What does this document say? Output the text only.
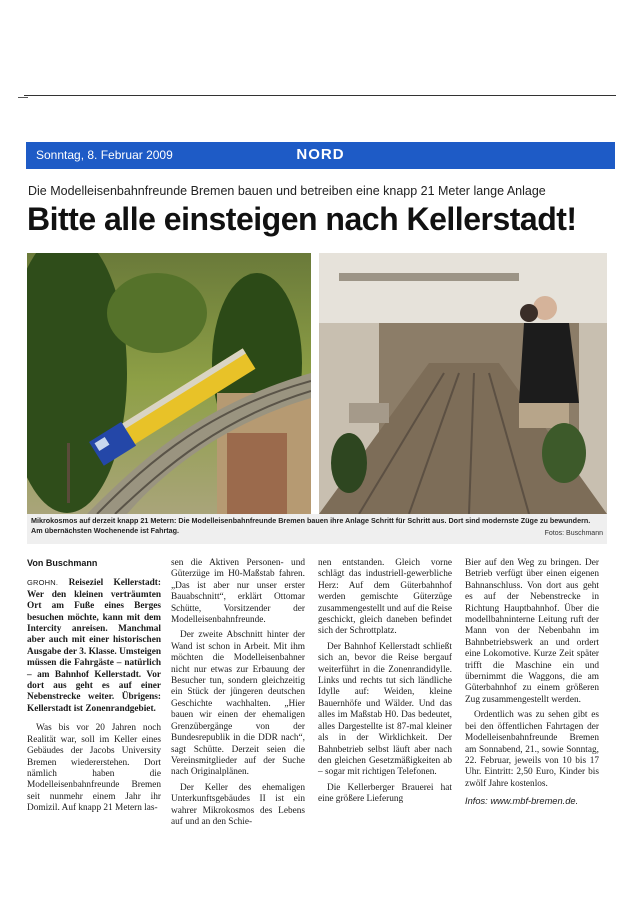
Sonntag, 8. Februar 2009	NORD
Die Modelleisenbahnfreunde Bremen bauen und betreiben eine knapp 21 Meter lange Anlage
Bitte alle einsteigen nach Kellerstadt!
Mikrokosmos auf derzeit knapp 21 Metern: Die Modelleisenbahnfreunde Bremen bauen ihre Anlage Schritt für Schritt aus. Dort sind modernste Züge zu bewundern. Am übernächsten Wochenende ist Fahrtag.	Fotos: Buschmann

Von Buschmann

GROHN. Reiseziel Kellerstadt: Wer den kleinen verträumten Ort am Fuße eines Berges besuchen möchte, kann mit dem Intercity anreisen. Manchmal aber auch mit einer historischen Ausgabe der 3. Klasse. Umsteigen müssen die Fahrgäste – natürlich – am Bahnhof Kellerstadt. Vor dort aus geht es auf einer Nebenstrecke weiter. Übrigens: Kellerstadt ist Zonenrandgebiet.

Was bis vor 20 Jahren noch Realität war, soll im Keller eines Gebäudes der Jacobs University Bremen wiedererstehen. Dort nämlich haben die Modelleisenbahnfreunde Bremen seit nunmehr einem Jahr ihr Domizil. Auf knapp 21 Metern las-

sen die Aktiven Personen- und Güterzüge im H0-Maßstab fahren. „Das ist aber nur unser erster Bauabschnitt“, erklärt Ottomar Schütte, Vorsitzender der Modelleisenbahnfreunde.

Der zweite Abschnitt hinter der Wand ist schon in Arbeit. Mit ihm möchten die Modelleisenbahner nicht nur etwas zur Erbauung der Besucher tun, sondern gleichzeitig ein Stück der jüngeren deutschen Geschichte wachhalten. „Hier bauen wir einen der ehemaligen Grenzübergänge von der Bundesrepublik in die DDR nach“, sagt Schütte. Derzeit seien die Vereinsmitglieder auf der Suche nach Originalplänen.

Der Keller des ehemaligen Unterkunftsgebäudes II ist ein wahrer Mikrokosmos des Lebens auf und an den Schie-

nen entstanden. Gleich vorne schlägt das industriell-gewerbliche Herz: Auf dem Güterbahnhof werden gemischte Güterzüge zusammengestellt und auf die Reise geschickt, gleich daneben befindet sich der Schrottplatz.

Der Bahnhof Kellerstadt schließt sich an, bevor die Reise bergauf weiterführt in die Zonenrandidylle. Links und rechts tut sich ländliche Idylle auf: Weiden, kleine Bauernhöfe und Wälder. Und das alles im Maßstab H0. Das bedeutet, alles Dargestellte ist 87-mal kleiner als in der Wirklichkeit. Der Bahnbetrieb selbst läuft aber nach den gleichen Gesetzmäßigkeiten ab – sogar mit richtigen Telefonen.

Die Kellerberger Brauerei hat eine größere Lieferung

Bier auf den Weg zu bringen. Der Betrieb verfügt über einen eigenen Bahnanschluss. Von dort aus geht es auf der Nebenstrecke in Richtung Hauptbahnhof. Über die modellbahninterne Leitung ruft der Mann von der Nebenbahn im Bahnbetriebswerk an und ordert eine Lokomotive. Kurze Zeit später trifft die Maschine ein und übernimmt die Waggons, die am Güterbahnhof zu einem größeren Zug zusammengestellt werden.

Ordentlich was zu sehen gibt es bei den öffentlichen Fahrtagen der Modelleisenbahnfreunde Bremen am Sonnabend, 21., sowie Sonntag, 22. Februar, jeweils von 10 bis 17 Uhr. Eintritt: 2,50 Euro, Kinder bis zwölf Jahre kostenlos.

Infos: www.mbf-bremen.de.
